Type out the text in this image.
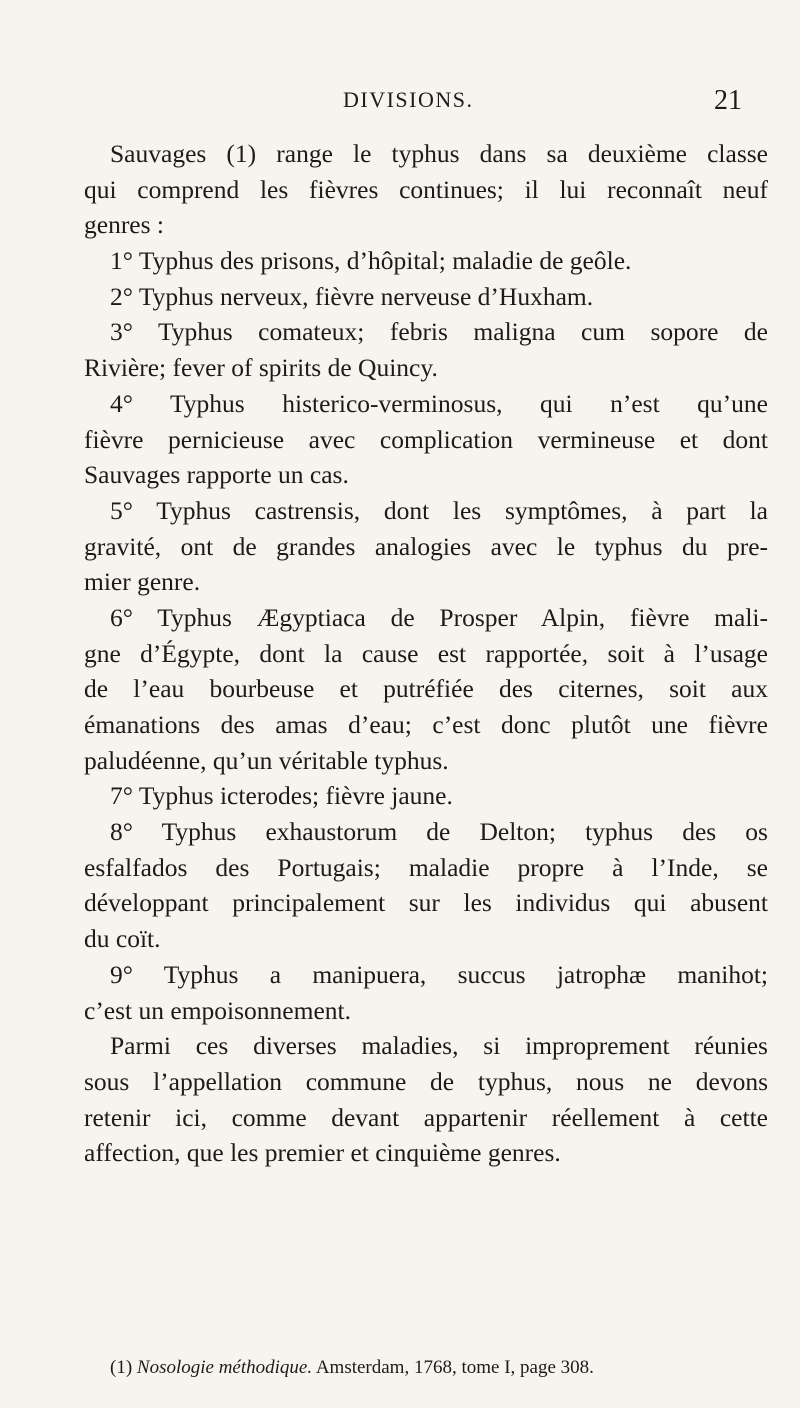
DIVISIONS.	21
Sauvages (1) range le typhus dans sa deuxième classe
qui comprend les fièvres continues; il lui reconnaît neuf
genres :
1° Typhus des prisons, d’hôpital; maladie de geôle.
2° Typhus nerveux, fièvre nerveuse d’Huxham.
3° Typhus comateux; febris maligna cum sopore de
Rivière; fever of spirits de Quincy.
4° Typhus histerico-verminosus, qui n’est qu’une
fièvre pernicieuse avec complication vermineuse et dont
Sauvages rapporte un cas.
5° Typhus castrensis, dont les symptômes, à part la
gravité, ont de grandes analogies avec le typhus du pre-
mier genre.
6° Typhus Ægyptiaca de Prosper Alpin, fièvre mali-
gne d’Égypte, dont la cause est rapportée, soit à l’usage
de l’eau bourbeuse et putréfiée des citernes, soit aux
émanations des amas d’eau; c’est donc plutôt une fièvre
paludéenne, qu’un véritable typhus.
7° Typhus icterodes; fièvre jaune.
8° Typhus exhaustorum de Delton; typhus des os
esfalfados des Portugais; maladie propre à l’Inde, se
développant principalement sur les individus qui abusent
du coït.
9° Typhus a manipuera, succus jatrophæ manihot;
c’est un empoisonnement.
Parmi ces diverses maladies, si improprement réunies
sous l’appellation commune de typhus, nous ne devons
retenir ici, comme devant appartenir réellement à cette
affection, que les premier et cinquième genres.
(1) Nosologie méthodique. Amsterdam, 1768, tome I, page 308.
